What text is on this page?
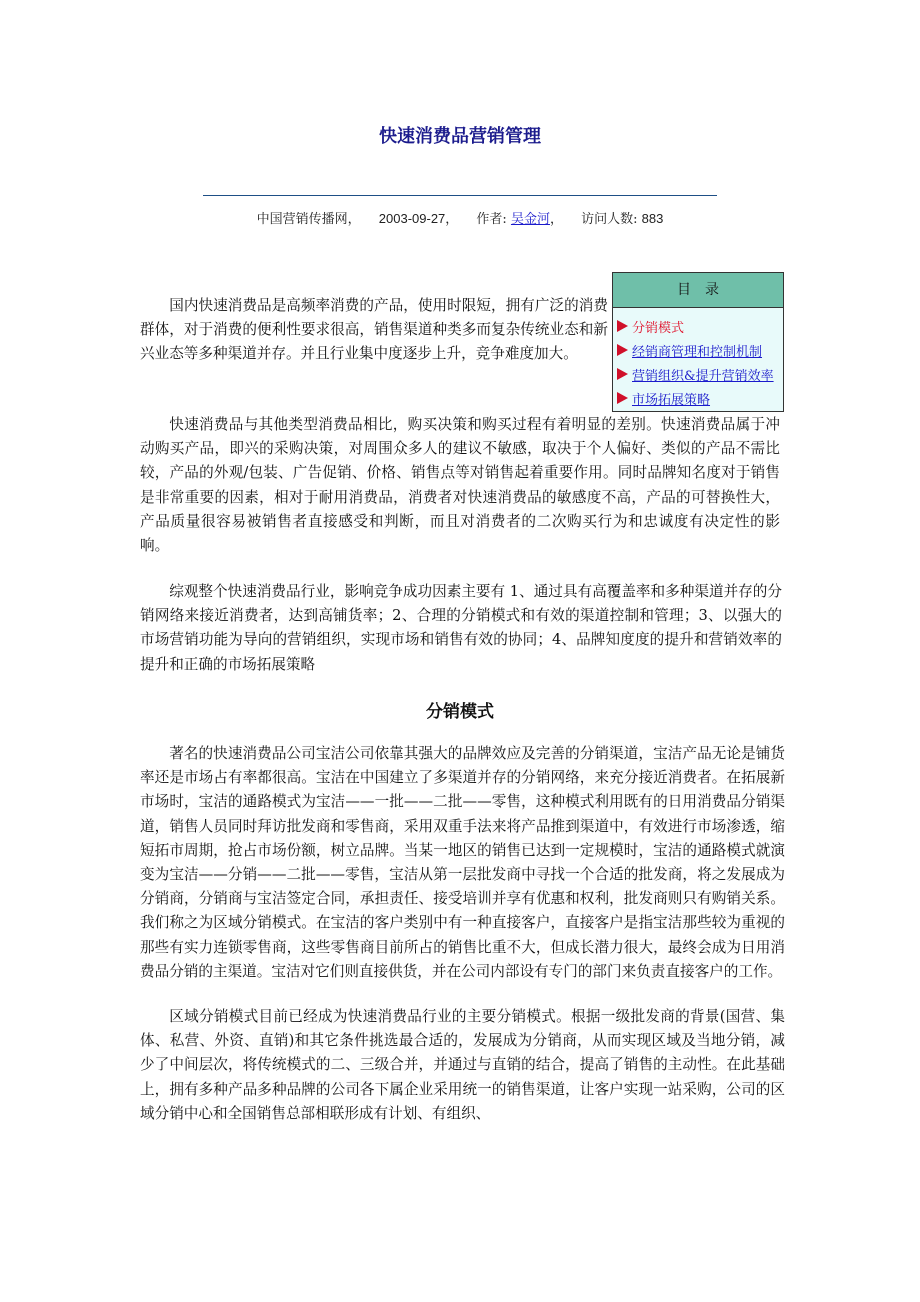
快速消费品营销管理
中国营销传播网， 2003-09-27， 作者: 吴金河， 访问人数: 883
目录
分销模式
经销商管理和控制机制
营销组织&提升营销效率
市场拓展策略

国内快速消费品是高频率消费的产品，使用时限短，拥有广泛的消费群体，对于消费的便利性要求很高，销售渠道种类多而复杂传统业态和新兴业态等多种渠道并存。并且行业集中度逐步上升，竞争难度加大。

快速消费品与其他类型消费品相比，购买决策和购买过程有着明显的差别。快速消费品属于冲动购买产品，即兴的采购决策，对周围众多人的建议不敏感，取决于个人偏好、类似的产品不需比较，产品的外观/包装、广告促销、价格、销售点等对销售起着重要作用。同时品牌知名度对于销售是非常重要的因素，相对于耐用消费品，消费者对快速消费品的敏感度不高，产品的可替换性大，产品质量很容易被销售者直接感受和判断，而且对消费者的二次购买行为和忠诚度有决定性的影响。

综观整个快速消费品行业，影响竞争成功因素主要有 1、通过具有高覆盖率和多种渠道并存的分销网络来接近消费者，达到高铺货率；2、合理的分销模式和有效的渠道控制和管理；3、以强大的市场营销功能为导向的营销组织，实现市场和销售有效的协同；4、品牌知度度的提升和营销效率的提升和正确的市场拓展策略

分销模式

著名的快速消费品公司宝洁公司依靠其强大的品牌效应及完善的分销渠道，宝洁产品无论是铺货率还是市场占有率都很高。宝洁在中国建立了多渠道并存的分销网络，来充分接近消费者。在拓展新市场时，宝洁的通路模式为宝洁——一批——二批——零售，这种模式利用既有的日用消费品分销渠道，销售人员同时拜访批发商和零售商，采用双重手法来将产品推到渠道中，有效进行市场渗透，缩短拓市周期，抢占市场份额，树立品牌。当某一地区的销售已达到一定规模时，宝洁的通路模式就演变为宝洁——分销——二批——零售，宝洁从第一层批发商中寻找一个合适的批发商，将之发展成为分销商，分销商与宝洁签定合同，承担责任、接受培训并享有优惠和权利，批发商则只有购销关系。我们称之为区域分销模式。在宝洁的客户类别中有一种直接客户，直接客户是指宝洁那些较为重视的那些有实力连锁零售商，这些零售商目前所占的销售比重不大，但成长潜力很大，最终会成为日用消费品分销的主渠道。宝洁对它们则直接供货，并在公司内部设有专门的部门来负责直接客户的工作。

区域分销模式目前已经成为快速消费品行业的主要分销模式。根据一级批发商的背景(国营、集体、私营、外资、直销)和其它条件挑选最合适的，发展成为分销商，从而实现区域及当地分销，减少了中间层次，将传统模式的二、三级合并，并通过与直销的结合，提高了销售的主动性。在此基础上，拥有多种产品多种品牌的公司各下属企业采用统一的销售渠道，让客户实现一站采购，公司的区域分销中心和全国销售总部相联形成有计划、有组织、
